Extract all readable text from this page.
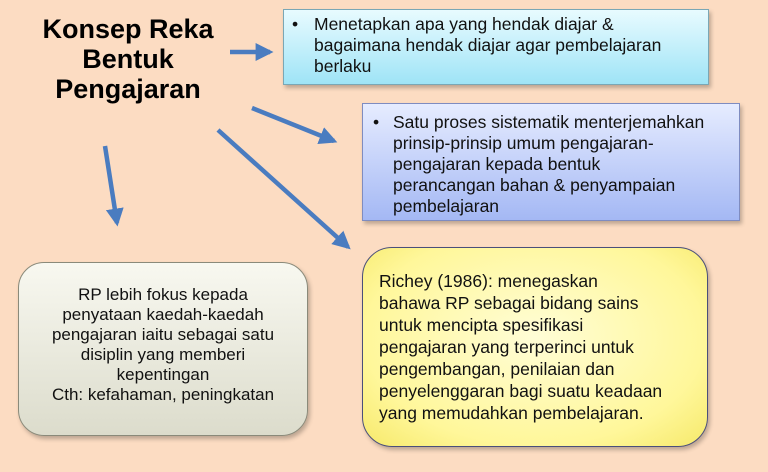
Konsep Reka
Bentuk
Pengajaran
• Menetapkan apa yang hendak diajar &
bagaimana hendak diajar agar pembelajaran
berlaku
• Satu proses sistematik menterjemahkan
prinsip-prinsip umum pengajaran-
pengajaran kepada bentuk
perancangan bahan & penyampaian
pembelajaran
RP lebih fokus kepada
penyataan kaedah-kaedah
pengajaran iaitu sebagai satu
disiplin yang memberi
kepentingan
Cth: kefahaman, peningkatan
Richey (1986): menegaskan
bahawa RP sebagai bidang sains
untuk mencipta spesifikasi
pengajaran yang terperinci untuk
pengembangan, penilaian dan
penyelenggaran bagi suatu keadaan
yang memudahkan pembelajaran.
